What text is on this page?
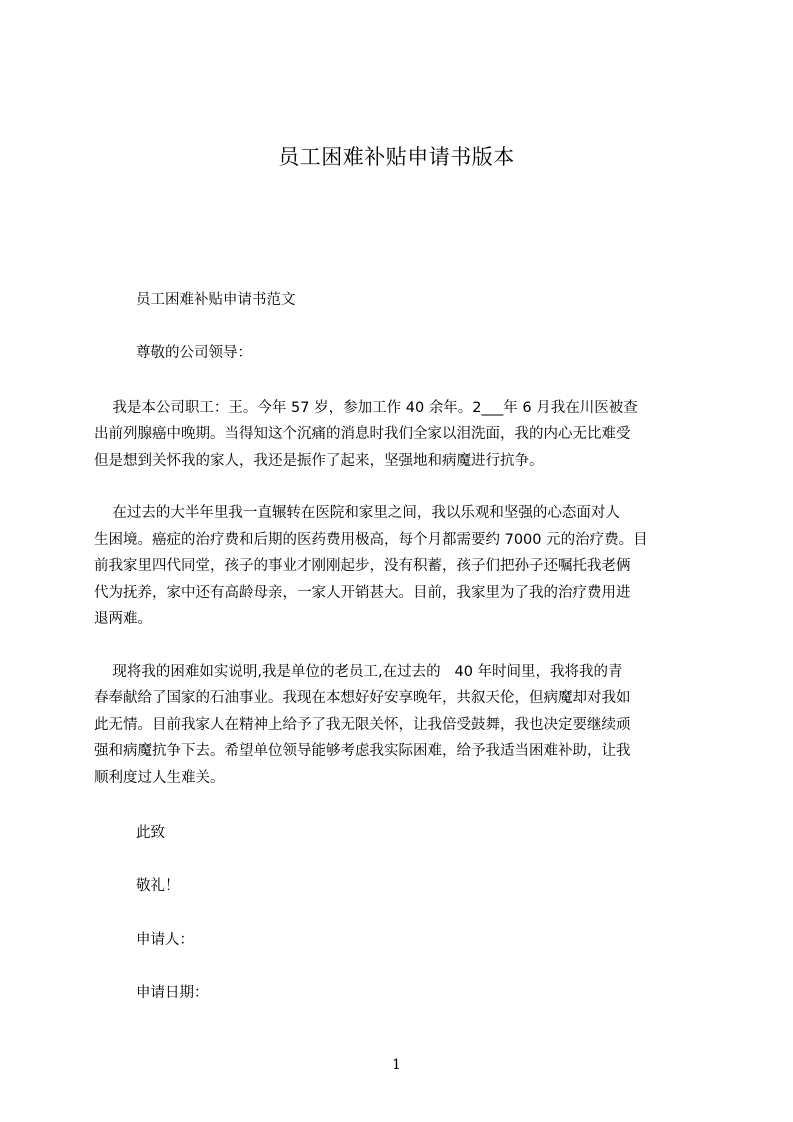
员工困难补贴申请书版本
员工困难补贴申请书范文
尊敬的公司领导：
我是本公司职工：王。今年 57 岁，参加工作 40 余年。2___年 6 月我在川医被查
出前列腺癌中晚期。当得知这个沉痛的消息时我们全家以泪洗面，我的内心无比难受
但是想到关怀我的家人，我还是振作了起来，坚强地和病魔进行抗争。
在过去的大半年里我一直辗转在医院和家里之间，我以乐观和坚强的心态面对人
生困境。癌症的治疗费和后期的医药费用极高，每个月都需要约 7000 元的治疗费。目
前我家里四代同堂，孩子的事业才刚刚起步，没有积蓄，孩子们把孙子还嘱托我老俩
代为抚养，家中还有高龄母亲，一家人开销甚大。目前，我家里为了我的治疗费用进
退两难。
现将我的困难如实说明,我是单位的老员工,在过去的   40 年时间里，我将我的青
春奉献给了国家的石油事业。我现在本想好好安享晚年，共叙天伦，但病魔却对我如
此无情。目前我家人在精神上给予了我无限关怀，让我倍受鼓舞，我也决定要继续顽
强和病魔抗争下去。希望单位领导能够考虑我实际困难，给予我适当困难补助，让我
顺利度过人生难关。
此致
敬礼！
申请人：
申请日期：
1
